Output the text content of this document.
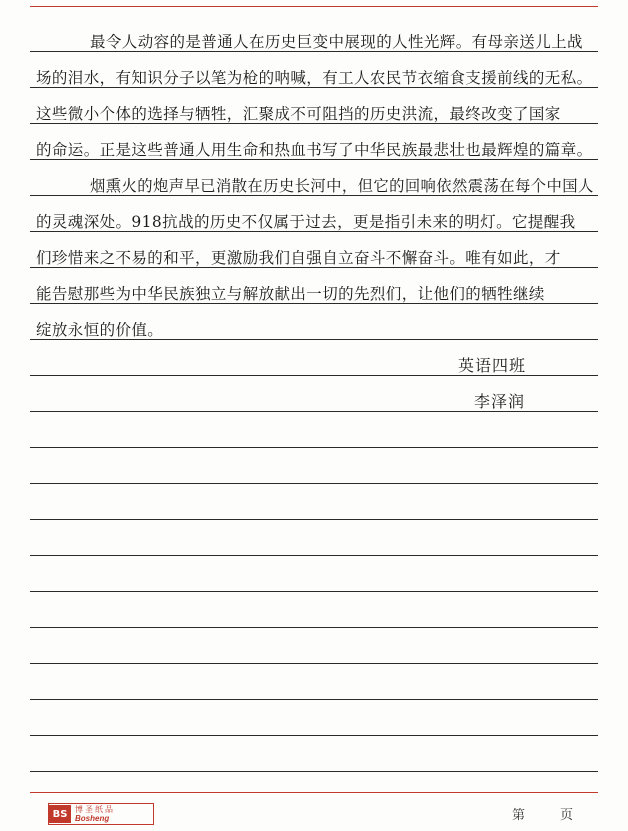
最令人动容的是普通人在历史巨变中展现的人性光辉。有母亲送儿上战
场的泪水，有知识分子以笔为枪的呐喊，有工人农民节衣缩食支援前线的无私。
这些微小个体的选择与牺牲，汇聚成不可阻挡的历史洪流，最终改变了国家
的命运。正是这些普通人用生命和热血书写了中华民族最悲壮也最辉煌的篇章。
烟熏火的炮声早已消散在历史长河中，但它的回响依然震荡在每个中国人
的灵魂深处。918抗战的历史不仅属于过去，更是指引未来的明灯。它提醒我
们珍惜来之不易的和平，更激励我们自强自立奋斗不懈奋斗。唯有如此，才
能告慰那些为中华民族独立与解放献出一切的先烈们，让他们的牺牲继续
绽放永恒的价值。
英语四班
李泽润
BS 博圣纸品
Bosheng	第	页
